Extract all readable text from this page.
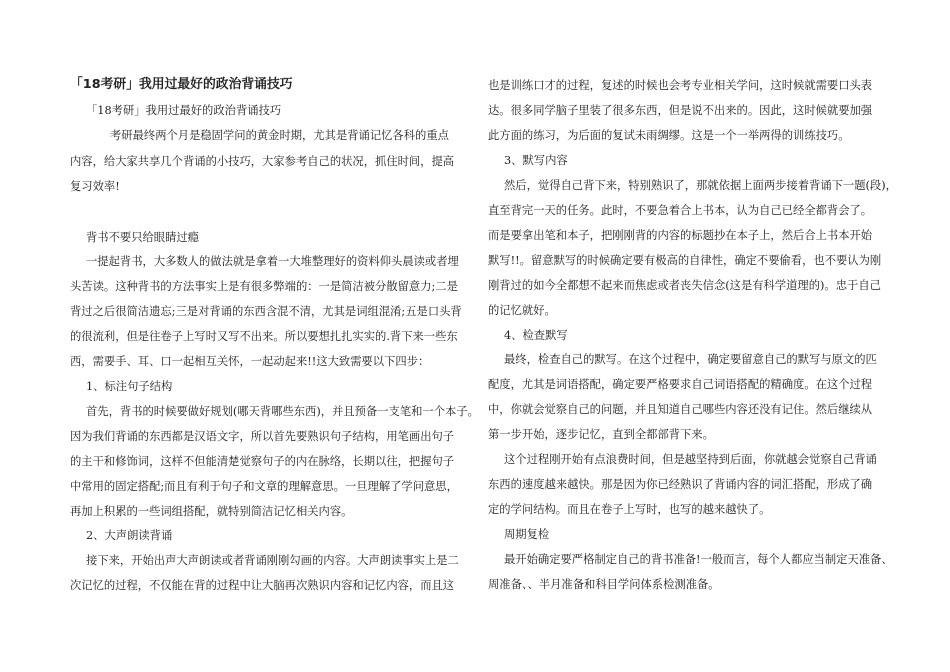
「18考研」我用过最好的政治背诵技巧
「18考研」我用过最好的政治背诵技巧
考研最终两个月是稳固学问的黄金时期，尤其是背诵记忆各科的重点
内容，给大家共享几个背诵的小技巧，大家参考自己的状况，抓住时间，提高
复习效率!
背书不要只给眼睛过瘾
一提起背书，大多数人的做法就是拿着一大堆整理好的资料仰头晨读或者埋
头苦读。这种背书的方法事实上是有很多弊端的：一是简洁被分散留意力;二是
背过之后很简洁遗忘;三是对背诵的东西含混不清，尤其是词组混淆;五是口头背
的很流利，但是往卷子上写时又写不出来。所以要想扎扎实实的.背下来一些东
西，需要手、耳、口一起相互关怀，一起动起来!!这大致需要以下四步：
1、标注句子结构
首先，背书的时候要做好规划(哪天背哪些东西)，并且预备一支笔和一个本子。
因为我们背诵的东西都是汉语文字，所以首先要熟识句子结构，用笔画出句子
的主干和修饰词，这样不但能清楚觉察句子的内在脉络，长期以往，把握句子
中常用的固定搭配;而且有利于句子和文章的理解意思。一旦理解了学问意思，
再加上积累的一些词组搭配，就特别简洁记忆相关内容。
2、大声朗读背诵
接下来，开始出声大声朗读或者背诵刚刚勾画的内容。大声朗读事实上是二
次记忆的过程，不仅能在背的过程中让大脑再次熟识内容和记忆内容，而且这
也是训练口才的过程，复述的时候也会考专业相关学问，这时候就需要口头表
达。很多同学脑子里装了很多东西，但是说不出来的。因此，这时候就要加强
此方面的练习，为后面的复试未雨绸缪。这是一个一举两得的训练技巧。
3、默写内容
然后，觉得自己背下来，特别熟识了，那就依据上面两步接着背诵下一题(段)，
直至背完一天的任务。此时，不要急着合上书本，认为自己已经全都背会了。
而是要拿出笔和本子，把刚刚背的内容的标题抄在本子上，然后合上书本开始
默写!!。留意默写的时候确定要有极高的自律性，确定不要偷看，也不要认为刚
刚背过的如今全都想不起来而焦虑或者丧失信念(这是有科学道理的)。忠于自己
的记忆就好。
4、检查默写
最终，检查自己的默写。在这个过程中，确定要留意自己的默写与原文的匹
配度，尤其是词语搭配，确定要严格要求自己词语搭配的精确度。在这个过程
中，你就会觉察自己的问题，并且知道自己哪些内容还没有记住。然后继续从
第一步开始，逐步记忆，直到全都部背下来。
这个过程刚开始有点浪费时间，但是越坚持到后面，你就越会觉察自己背诵
东西的速度越来越快。那是因为你已经熟识了背诵内容的词汇搭配，形成了确
定的学问结构。而且在卷子上写时，也写的越来越快了。
周期复检
最开始确定要严格制定自己的背书准备!一般而言，每个人都应当制定天准备、
周准备、、半月准备和科目学问体系检测准备。
